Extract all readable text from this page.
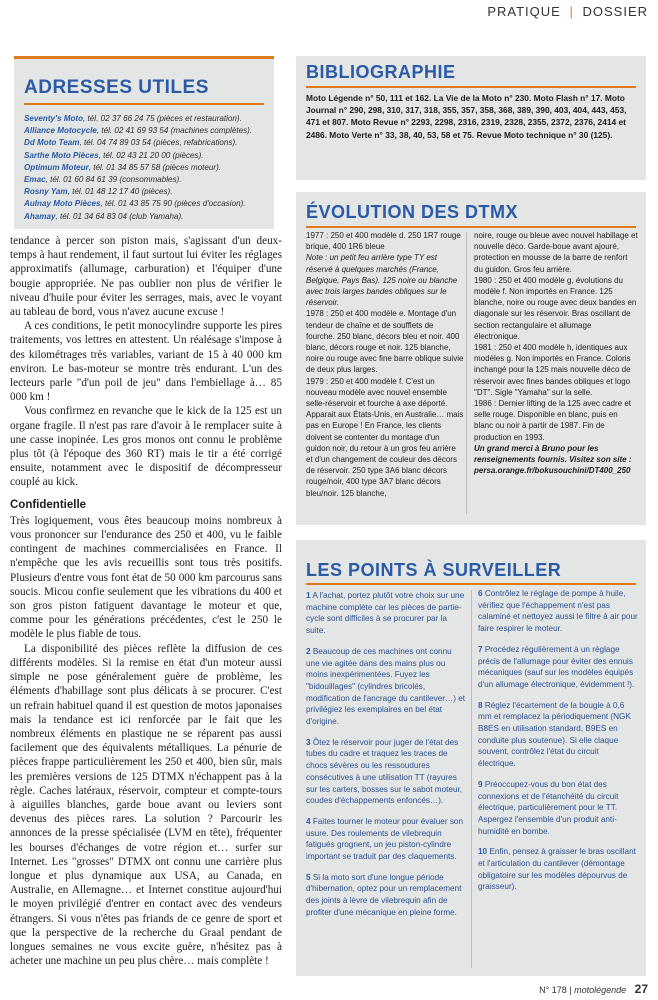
PRATIQUE | DOSSIER
ADRESSES UTILES
Seventy's Moto, tél. 02 37 66 24 75 (pièces et restauration).
Alliance Motocycle, tél. 02 41 69 93 54 (machines complètes).
Dd Moto Team, tél. 04 74 89 03 54 (pièces, refabrications).
Sarthe Moto Pièces, tél. 02 43 21 20 00 (pièces).
Optimum Moteur, tél. 01 34 85 57 58 (pièces moteur).
Emac, tél. 01 60 84 61 39 (consommables).
Rosny Yam, tél. 01 48 12 17 40 (pièces).
Aulnay Moto Pièces, tél. 01 43 85 75 90 (pièces d'occasion).
Ahamay, tél. 01 34 64 83 04 (club Yamaha).
BIBLIOGRAPHIE
Moto Légende n° 50, 111 et 162. La Vie de la Moto n° 230. Moto Flash n° 17. Moto Journal n° 290, 298, 310, 317, 318, 355, 357, 358, 368, 389, 390, 403, 404, 443, 453, 471 et 807. Moto Revue n° 2293, 2298, 2316, 2319, 2328, 2355, 2372, 2376, 2414 et 2486. Moto Verte n° 33, 38, 40, 53, 58 et 75. Revue Moto technique n° 30 (125).
ÉVOLUTION DES DTMX

1977 : 250 et 400 modèle d. 250 1R7 rouge brique, 400 1R6 bleue

Note : un petit feu arrière type TY est réservé à quelques marchés (France, Belgique, Pays Bas). 125 noire ou blanche avec trois larges bandes obliques sur le réservoir.

1978 : 250 et 400 modèle e. Montage d'un tendeur de chaîne et de soufflets de fourche. 250 blanc, décors bleu et noir. 400 blanc, décors rouge et noir. 125 blanche, noire ou rouge avec fine barre oblique suivie de deux plus larges.

1979 : 250 et 400 modèle f. C'est un nouveau modèle avec nouvel ensemble selle-réservoir et fourche à axe déporté. Apparait aux États-Unis, en Australie… mais pas en Europe ! En France, les clients doivent se contenter du montage d'un guidon noir, du retour à un gros feu arrière et d'un changement de couleur des décors de réservoir. 250 type 3A6 blanc décors rouge/noir, 400 type 3A7 blanc décors bleu/noir. 125 blanche,

noire, rouge ou bleue avec nouvel habillage et nouvelle déco. Garde-boue avant ajouré, protection en mousse de la barre de renfort du guidon. Gros feu arrière.

1980 : 250 et 400 modèle g, évolutions du modèle f. Non importés en France. 125 blanche, noire ou rouge avec deux bandes en diagonale sur les réservoir. Bras oscillant de section rectangulaire et allumage électronique.

1981 : 250 et 400 modèle h, identiques aux modèles g. Non importés en France. Coloris inchangé pour la 125 mais nouvelle déco de réservoir avec fines bandes obliques et logo "DT". Sigle "Yamaha" sur la selle.

1986 : Dernier lifting de la 125 avec cadre et selle rouge. Disponible en blanc, puis en blanc ou noir à partir de 1987. Fin de production en 1993.

Un grand merci à Bruno pour les renseignements fournis. Visitez son site : persa.orange.fr/bokusouchini/DT400_250

LES POINTS À SURVEILLER

1 A l'achat, portez plutôt votre choix sur une machine complète car les pièces de partie-cycle sont difficiles à se procurer par la suite.

2 Beaucoup de ces machines ont connu une vie agitée dans des mains plus ou moins inexpérimentées. Fuyez les "bidouillages" (cylindres bricolés, modification de l'ancrage du cantilever…) et privilégiez les exemplaires en bel état d'origine.

3 Ôtez le réservoir pour juger de l'état des tubes du cadre et traquez les traces de chocs sévères ou les ressoudures consécutives à une utilisation TT (rayures sur les carters, bosses sur le sabot moteur, coudes d'échappements enfoncés…).

4 Faites tourner le moteur pour évaluer son usure. Des roulements de vilebrequin fatigués grognent, un jeu piston-cylindre important se traduit par des claquements.

5 Si la moto sort d'une longue période d'hibernation, optez pour un remplacement des joints à lèvre de vilebrequin afin de profiter d'une mécanique en pleine forme.

6 Contrôlez le réglage de pompe à huile, vérifiez que l'échappement n'est pas calaminé et nettoyez aussi le filtre à air pour faire respirer le moteur.

7 Procédez régulièrement à un réglage précis de l'allumage pour éviter des ennuis mécaniques (sauf sur les modèles équipés d'un allumage électronique, évidemment !).

8 Réglez l'écartement de la bougie à 0,6 mm et remplacez la périodiquement (NGK B8ES en utilisation standard, B9ES en conduite plus soutenue). Si elle claque souvent, contrôlez l'état du circuit électrique.

9 Préoccupez-vous du bon état des connexions et de l'étanchéité du circuit électrique, particulièrement pour le TT. Aspergez l'ensemble d'un produit anti-humidité en bombe.

10 Enfin, pensez à graisser le bras oscillant et l'articulation du cantilever (démontage obligatoire sur les modèles dépourvus de graisseur).

tendance à percer son piston mais, s'agissant d'un deux-temps à haut rendement, il faut surtout lui éviter les réglages approximatifs (allumage, carburation) et l'équiper d'une bougie appropriée. Ne pas oublier non plus de vérifier le niveau d'huile pour éviter les serrages, mais, avec le voyant au tableau de bord, vous n'avez aucune excuse !

A ces conditions, le petit monocylindre supporte les pires traitements, vos lettres en attestent. Un réalésage s'impose à des kilométrages très variables, variant de 15 à 40 000 km environ. Le bas-moteur se montre très endurant. L'un des lecteurs parle "d'un poil de jeu" dans l'embiellage à… 85 000 km !

Vous confirmez en revanche que le kick de la 125 est un organe fragile. Il n'est pas rare d'avoir à le remplacer suite à une casse inopinée. Les gros monos ont connu le problème plus tôt (à l'époque des 360 RT) mais le tir a été corrigé ensuite, notamment avec le dispositif de décompresseur couplé au kick.

Confidentielle

Très logiquement, vous êtes beaucoup moins nombreux à vous prononcer sur l'endurance des 250 et 400, vu le faible contingent de machines commercialisées en France. Il n'empêche que les avis recueillis sont tous très positifs. Plusieurs d'entre vous font état de 50 000 km parcourus sans soucis. Micou confie seulement que les vibrations du 400 et son gros piston fatiguent davantage le moteur et que, comme pour les générations précédentes, c'est le 250 le modèle le plus fiable de tous.

La disponibilité des pièces reflète la diffusion de ces différents modèles. Si la remise en état d'un moteur aussi simple ne pose généralement guère de problème, les éléments d'habillage sont plus délicats à se procurer. C'est un refrain habituel quand il est question de motos japonaises mais la tendance est ici renforcée par le fait que les nombreux éléments en plastique ne se réparent pas aussi facilement que des équivalents métalliques. La pénurie de pièces frappe particulièrement les 250 et 400, bien sûr, mais les premières versions de 125 DTMX n'échappent pas à la règle. Caches latéraux, réservoir, compteur et compte-tours à aiguilles blanches, garde boue avant ou leviers sont devenus des pièces rares. La solution ? Parcourir les annonces de la presse spécialisée (LVM en tête), fréquenter les bourses d'échanges de votre région et… surfer sur Internet. Les "grosses" DTMX ont connu une carrière plus longue et plus dynamique aux USA, au Canada, en Australie, en Allemagne… et Internet constitue aujourd'hui le moyen privilégié d'entrer en contact avec des vendeurs étrangers. Si vous n'êtes pas friands de ce genre de sport et que la perspective de la recherche du Graal pendant de longues semaines ne vous excite guère, n'hésitez pas à acheter une machine un peu plus chère… mais complète !

N° 178 | motolégende 27
